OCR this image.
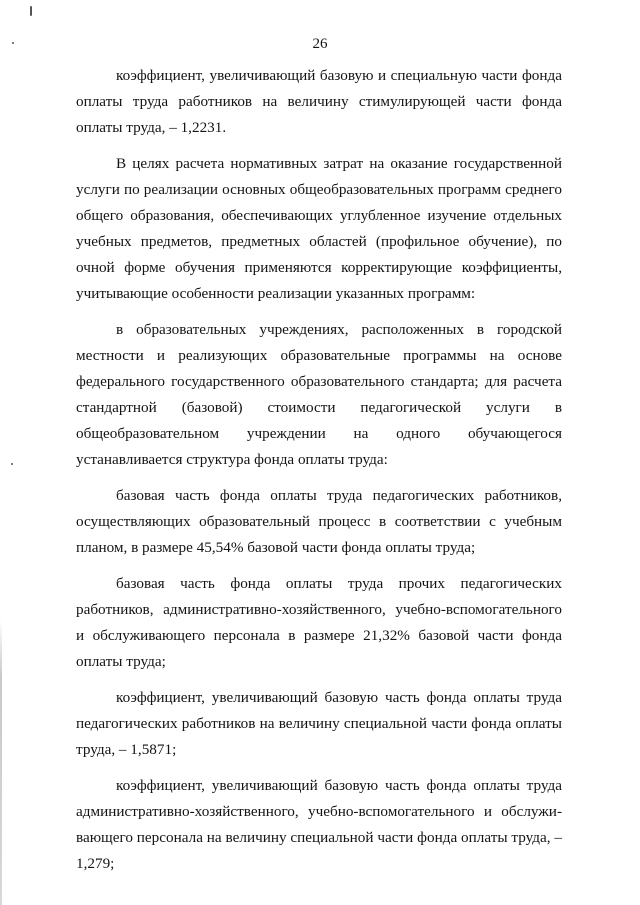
26

коэффициент, увеличивающий базовую и специальную части фонда оплаты труда работников на величину стимулирующей части фонда оплаты труда, – 1,2231.

В целях расчета нормативных затрат на оказание государственной услуги по реализации основных общеобразовательных программ среднего общего образования, обеспечивающих углубленное изучение отдельных учебных предметов, предметных областей (профильное обучение), по очной форме обучения применяются корректирующие коэффициенты, учитывающие особенности реализации указанных программ:

в образовательных учреждениях, расположенных в городской местности и реализующих образовательные программы на основе федерального государственного образовательного стандарта; для расчета стандартной (базовой) стоимости педагогической услуги в общеобразовательном учреждении на одного обучающегося устанавливается структура фонда оплаты труда:

базовая часть фонда оплаты труда педагогических работников, осуществляющих образовательный процесс в соответствии с учебным планом, в размере 45,54% базовой части фонда оплаты труда;

базовая часть фонда оплаты труда прочих педагогических работников, административно-хозяйственного, учебно-вспомогательного и обслуживающего персонала в размере 21,32% базовой части фонда оплаты труда;

коэффициент, увеличивающий базовую часть фонда оплаты труда педагогических работников на величину специальной части фонда оплаты труда, – 1,5871;

коэффициент, увеличивающий базовую часть фонда оплаты труда административно-хозяйственного, учебно-вспомогательного и обслуживающего персонала на величину специальной части фонда оплаты труда, – 1,279;
